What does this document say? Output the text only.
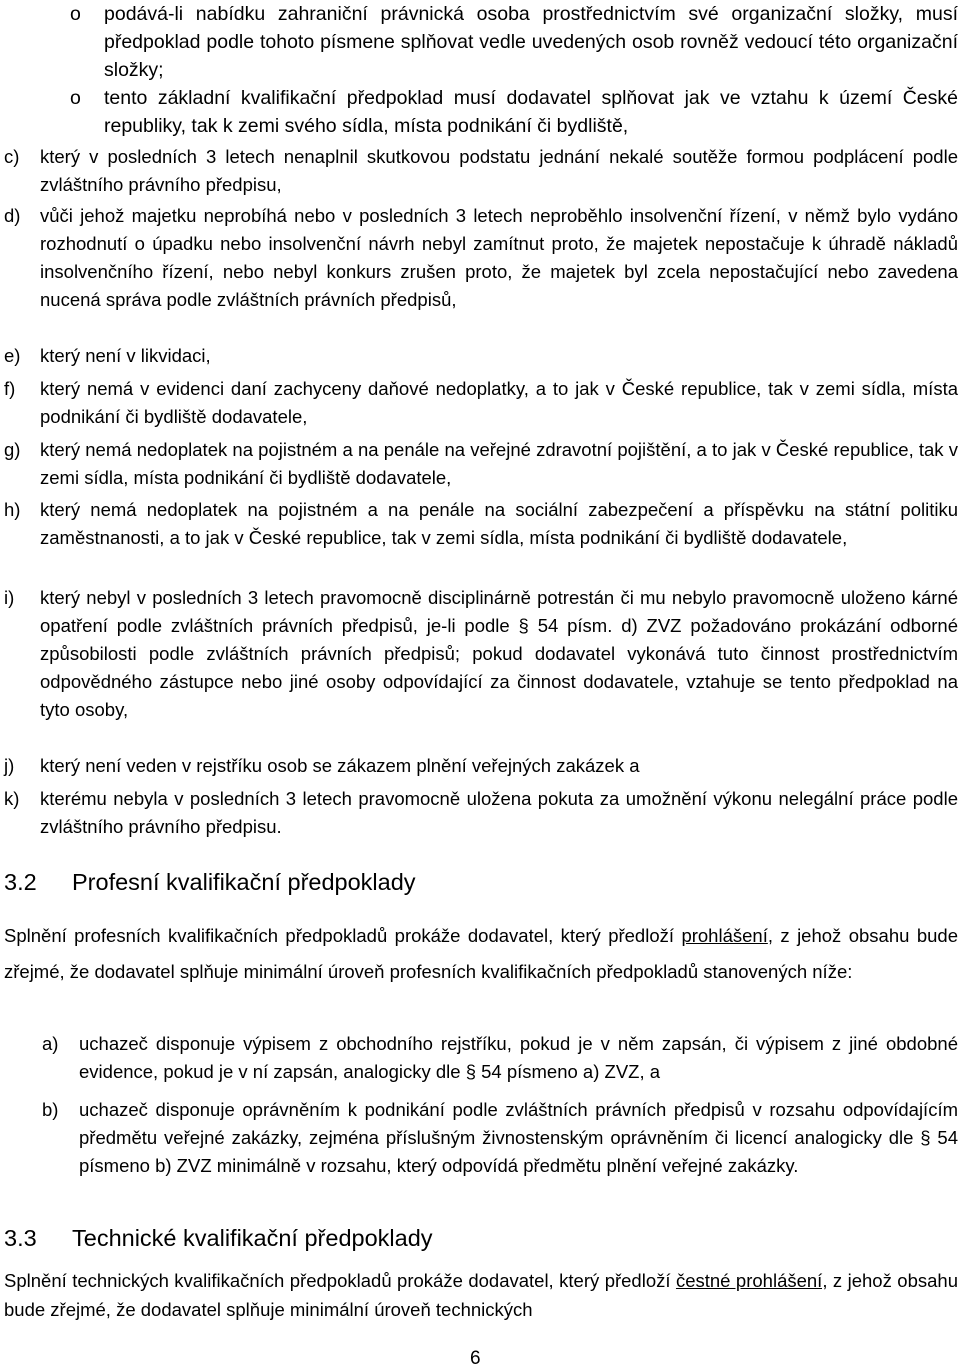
o	podává-li nabídku zahraniční právnická osoba prostřednictvím své organizační složky, musí předpoklad podle tohoto písmene splňovat vedle uvedených osob rovněž vedoucí této organizační složky;
o	tento základní kvalifikační předpoklad musí dodavatel splňovat jak ve vztahu k území České republiky, tak k zemi svého sídla, místa podnikání či bydliště,
c)	který v posledních 3 letech nenaplnil skutkovou podstatu jednání nekalé soutěže formou podplácení podle zvláštního právního předpisu,
d)	vůči jehož majetku neprobíhá nebo v posledních 3 letech neproběhlo insolvenční řízení, v němž bylo vydáno rozhodnutí o úpadku nebo insolvenční návrh nebyl zamítnut proto, že majetek nepostačuje k úhradě nákladů insolvenčního řízení, nebo nebyl konkurs zrušen proto, že majetek byl zcela nepostačující nebo zavedena nucená správa podle zvláštních právních předpisů,
e)	který není v likvidaci,
f)	který nemá v evidenci daní zachyceny daňové nedoplatky, a to jak v České republice, tak v zemi sídla, místa podnikání či bydliště dodavatele,
g)	který nemá nedoplatek na pojistném a na penále na veřejné zdravotní pojištění, a to jak v České republice, tak v zemi sídla, místa podnikání či bydliště dodavatele,
h)	který nemá nedoplatek na pojistném a na penále na sociální zabezpečení a příspěvku na státní politiku zaměstnanosti, a to jak v České republice, tak v zemi sídla, místa podnikání či bydliště dodavatele,
i)	který nebyl v posledních 3 letech pravomocně disciplinárně potrestán či mu nebylo pravomocně uloženo kárné opatření podle zvláštních právních předpisů, je-li podle § 54 písm. d) ZVZ požadováno prokázání odborné způsobilosti podle zvláštních právních předpisů; pokud dodavatel vykonává tuto činnost prostřednictvím odpovědného zástupce nebo jiné osoby odpovídající za činnost dodavatele, vztahuje se tento předpoklad na tyto osoby,
j)	který není veden v rejstříku osob se zákazem plnění veřejných zakázek a
k)	kterému nebyla v posledních 3 letech pravomocně uložena pokuta za umožnění výkonu nelegální práce podle zvláštního právního předpisu.
3.2 Profesní kvalifikační předpoklady
Splnění profesních kvalifikačních předpokladů prokáže dodavatel, který předloží prohlášení, z jehož obsahu bude zřejmé, že dodavatel splňuje minimální úroveň profesních kvalifikačních předpokladů stanovených níže:
a)	uchazeč disponuje výpisem z obchodního rejstříku, pokud je v něm zapsán, či výpisem z jiné obdobné evidence, pokud je v ní zapsán, analogicky dle § 54 písmeno a) ZVZ, a
b)	uchazeč disponuje oprávněním k podnikání podle zvláštních právních předpisů v rozsahu odpovídajícím předmětu veřejné zakázky, zejména příslušným živnostenským oprávněním či licencí analogicky dle § 54 písmeno b) ZVZ minimálně v rozsahu, který odpovídá předmětu plnění veřejné zakázky.
3.3 Technické kvalifikační předpoklady
Splnění technických kvalifikačních předpokladů prokáže dodavatel, který předloží čestné prohlášení, z jehož obsahu bude zřejmé, že dodavatel splňuje minimální úroveň technických
6
